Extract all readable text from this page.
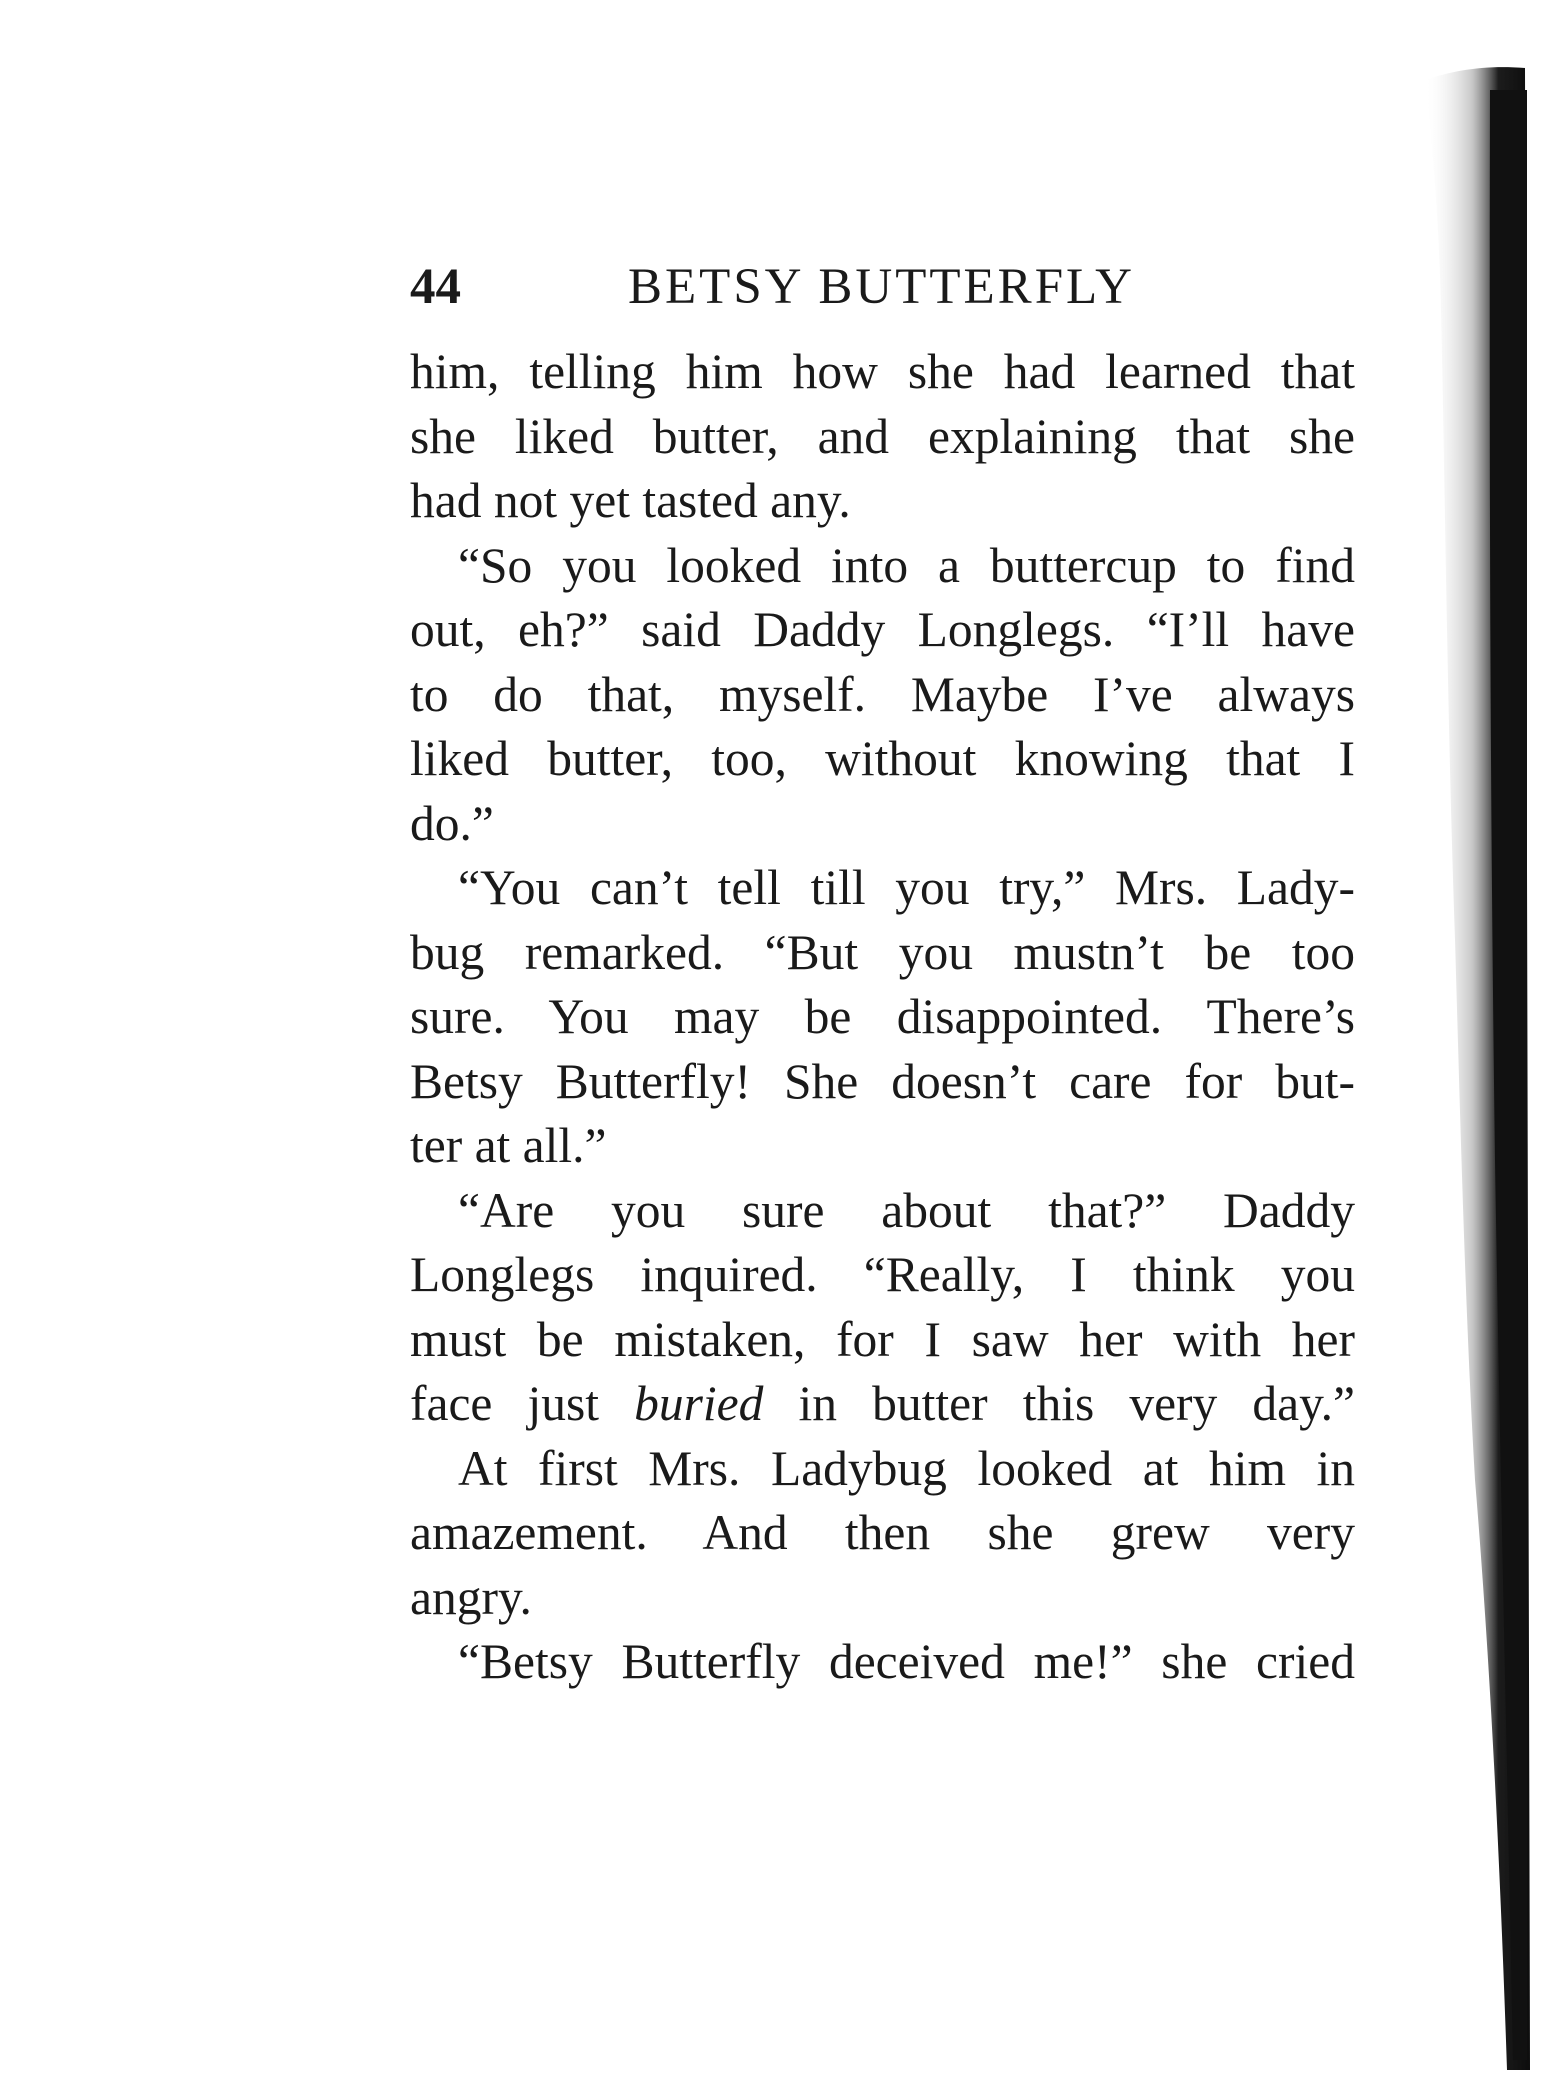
44	BETSY BUTTERFLY
him, telling him how she had learned that
she liked butter, and explaining that she
had not yet tasted any.
“So you looked into a buttercup to find
out, eh?” said Daddy Longlegs. “I’ll have
to do that, myself. Maybe I’ve always
liked butter, too, without knowing that I
do.”
“You can’t tell till you try,” Mrs. Lady-
bug remarked. “But you mustn’t be too
sure. You may be disappointed. There’s
Betsy Butterfly! She doesn’t care for but-
ter at all.”
“Are you sure about that?” Daddy
Longlegs inquired. “Really, I think you
must be mistaken, for I saw her with her
face just buried in butter this very day.”
At first Mrs. Ladybug looked at him in
amazement. And then she grew very
angry.
“Betsy Butterfly deceived me!” she cried
